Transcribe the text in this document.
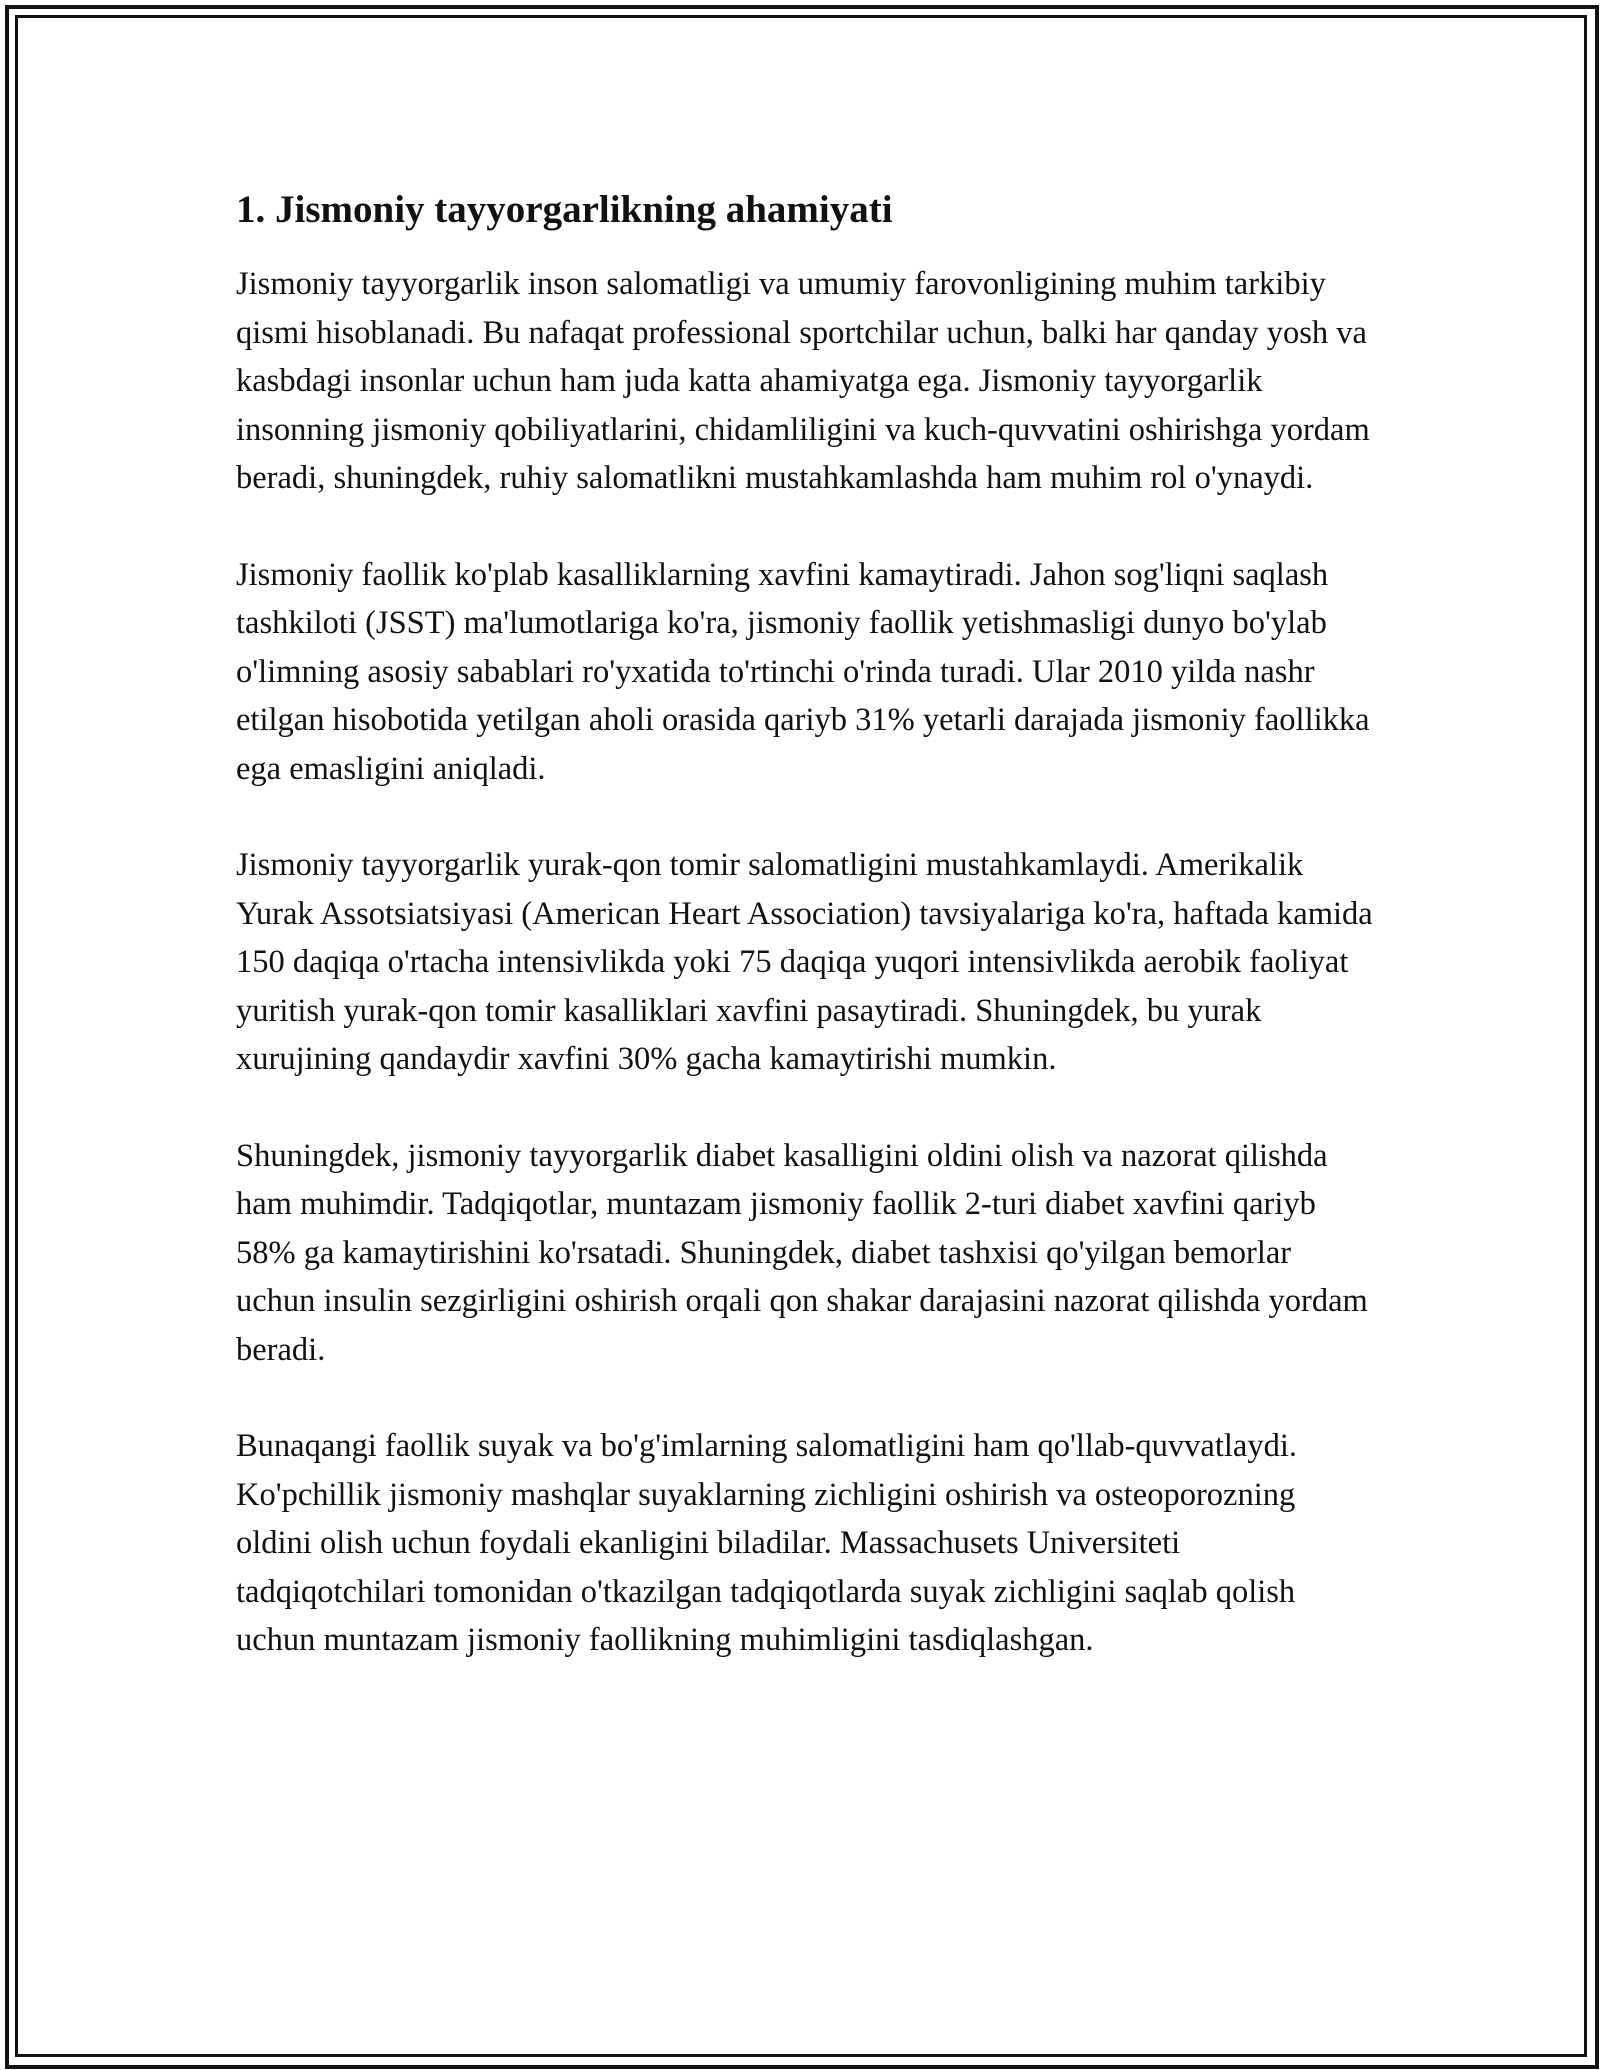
1. Jismoniy tayyorgarlikning ahamiyati

Jismoniy tayyorgarlik inson salomatligi va umumiy farovonligining muhim tarkibiy qismi hisoblanadi. Bu nafaqat professional sportchilar uchun, balki har qanday yosh va kasbdagi insonlar uchun ham juda katta ahamiyatga ega. Jismoniy tayyorgarlik insonning jismoniy qobiliyatlarini, chidamliligini va kuch-quvvatini oshirishga yordam beradi, shuningdek, ruhiy salomatlikni mustahkamlashda ham muhim rol o'ynaydi.

Jismoniy faollik ko'plab kasalliklarning xavfini kamaytiradi. Jahon sog'liqni saqlash tashkiloti (JSST) ma'lumotlariga ko'ra, jismoniy faollik yetishmasligi dunyo bo'ylab o'limning asosiy sabablari ro'yxatida to'rtinchi o'rinda turadi. Ular 2010 yilda nashr etilgan hisobotida yetilgan aholi orasida qariyb 31% yetarli darajada jismoniy faollikka ega emasligini aniqladi.

Jismoniy tayyorgarlik yurak-qon tomir salomatligini mustahkamlaydi. Amerikalik Yurak Assotsiatsiyasi (American Heart Association) tavsiyalariga ko'ra, haftada kamida 150 daqiqa o'rtacha intensivlikda yoki 75 daqiqa yuqori intensivlikda aerobik faoliyat yuritish yurak-qon tomir kasalliklari xavfini pasaytiradi. Shuningdek, bu yurak xurujining qandaydir xavfini 30% gacha kamaytirishi mumkin.

Shuningdek, jismoniy tayyorgarlik diabet kasalligini oldini olish va nazorat qilishda ham muhimdir. Tadqiqotlar, muntazam jismoniy faollik 2-turi diabet xavfini qariyb 58% ga kamaytirishini ko'rsatadi. Shuningdek, diabet tashxisi qo'yilgan bemorlar uchun insulin sezgirligini oshirish orqali qon shakar darajasini nazorat qilishda yordam beradi.

Bunaqangi faollik suyak va bo'g'imlarning salomatligini ham qo'llab-quvvatlaydi. Ko'pchillik jismoniy mashqlar suyaklarning zichligini oshirish va osteoporozning oldini olish uchun foydali ekanligini biladilar. Massachusets Universiteti tadqiqotchilari tomonidan o'tkazilgan tadqiqotlarda suyak zichligini saqlab qolish uchun muntazam jismoniy faollikning muhimligini tasdiqlashgan.
